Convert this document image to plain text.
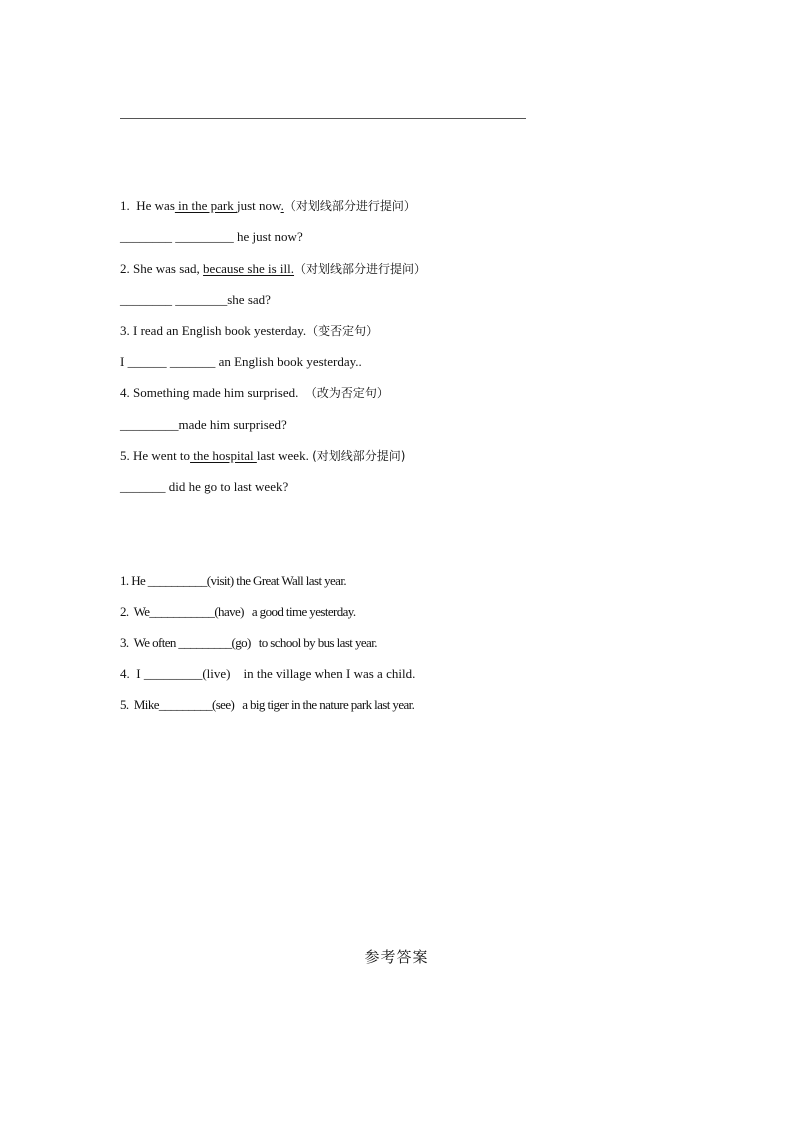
1.  He was in the park just now.（对划线部分进行提问）
________ _________ he just now?
2. She was sad, because she is ill.（对划线部分进行提问）
________ ________she sad?
3. I read an English book yesterday.（变否定句）
I ______ _______ an English book yesterday..
4. Something made him surprised.  （改为否定句）
_________made him surprised?
5. He went to the hospital last week. (对划线部分提问)
_______ did he go to last week?
1. He __________(visit) the Great Wall last year.
2.  We___________(have)   a good time yesterday.
3.  We often _________(go)   to school by bus last year.
4.  I _________(live)    in the village when I was a child.
5.  Mike_________(see)   a big tiger in the nature park last year.
参考答案
